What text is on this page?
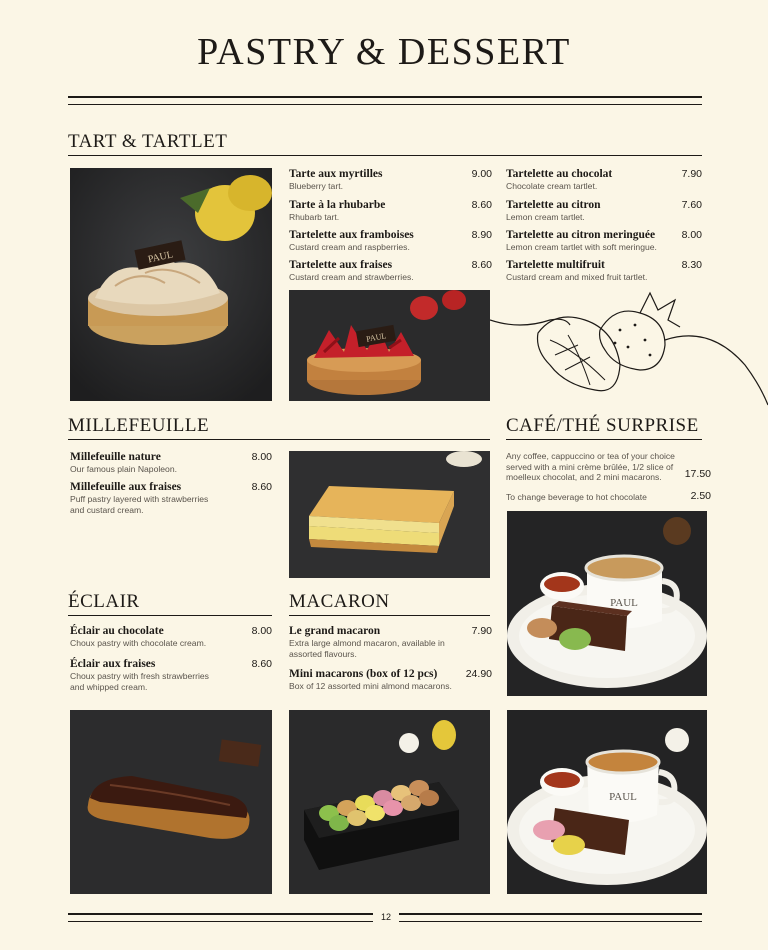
PASTRY & DESSERT
TART & TARTLET
PAUL
Tarte aux myrtilles
Blueberry tart.
9.00
Tarte à la rhubarbe
Rhubarb tart.
8.60
Tartelette aux framboises
Custard cream and raspberries.
8.90
Tartelette aux fraises
Custard cream and strawberries.
8.60
Tartelette au chocolat
Chocolate cream tartlet.
7.90
Tartelette au citron
Lemon cream tartlet.
7.60
Tartelette au citron meringuée
Lemon cream tartlet with soft meringue.
8.00
Tartelette multifruit
Custard cream and mixed fruit tartlet.
8.30
PAUL
MILLEFEUILLE
Millefeuille nature
Our famous plain Napoleon.
8.00
Millefeuille aux fraises
Puff pastry layered with strawberries and custard cream.
8.60
CAFÉ/THÉ SURPRISE
Any coffee, cappuccino or tea of your choice served with a mini crème brûlée, 1/2 slice of moelleux chocolat, and 2 mini macarons.	17.50
To change beverage to hot chocolate	2.50
PAUL
ÉCLAIR
Éclair au chocolate
Choux pastry with chocolate cream.
8.00
Éclair aux fraises
Choux pastry with fresh strawberries and whipped cream.
8.60
MACARON
Le grand macaron
Extra large almond macaron, available in assorted flavours.
7.90
Mini macarons (box of 12 pcs)
Box of 12 assorted mini almond macarons.
24.90
PAUL
12
